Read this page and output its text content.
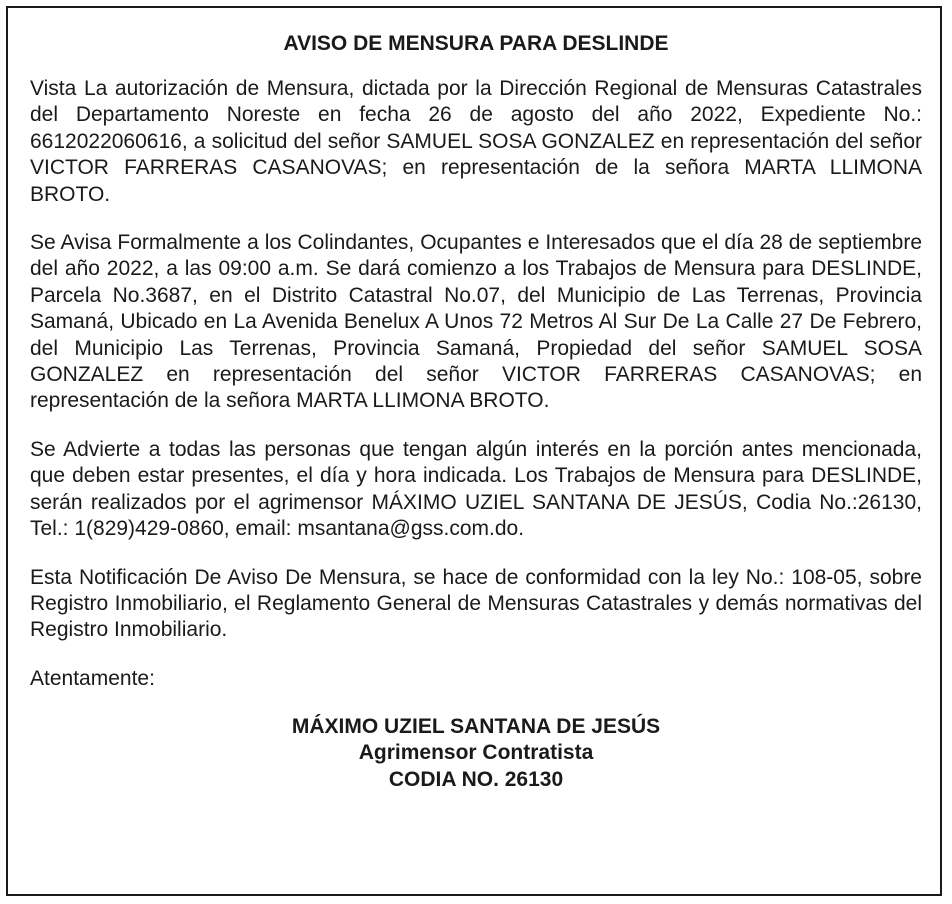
AVISO DE MENSURA PARA DESLINDE
Vista La autorización de Mensura, dictada por la Dirección Regional de Mensuras Catastrales del Departamento Noreste en fecha 26 de agosto del año 2022, Expediente No.: 6612022060616, a solicitud del señor SAMUEL SOSA GONZALEZ en representación del señor VICTOR FARRERAS CASANOVAS; en representación de la señora MARTA LLIMONA BROTO.
Se Avisa Formalmente a los Colindantes, Ocupantes e Interesados que el día 28 de septiembre del año 2022, a las 09:00 a.m. Se dará comienzo a los Trabajos de Mensura para DESLINDE, Parcela No.3687, en el Distrito Catastral No.07, del Municipio de Las Terrenas, Provincia Samaná, Ubicado en La Avenida Benelux A Unos 72 Metros Al Sur De La Calle 27 De Febrero, del Municipio Las Terrenas, Provincia Samaná, Propiedad del señor SAMUEL SOSA GONZALEZ en representación del señor VICTOR FARRERAS CASANOVAS; en representación de la señora MARTA LLIMONA BROTO.
Se Advierte a todas las personas que tengan algún interés en la porción antes mencionada, que deben estar presentes, el día y hora indicada. Los Trabajos de Mensura para DESLINDE, serán realizados por el agrimensor MÁXIMO UZIEL SANTANA DE JESÚS, Codia No.:26130, Tel.: 1(829)429-0860, email: msantana@gss.com.do.
Esta Notificación De Aviso De Mensura, se hace de conformidad con la ley No.: 108-05, sobre Registro Inmobiliario, el Reglamento General de Mensuras Catastrales y demás normativas del Registro Inmobiliario.
Atentamente:
MÁXIMO UZIEL SANTANA DE JESÚS
Agrimensor Contratista
CODIA NO. 26130
